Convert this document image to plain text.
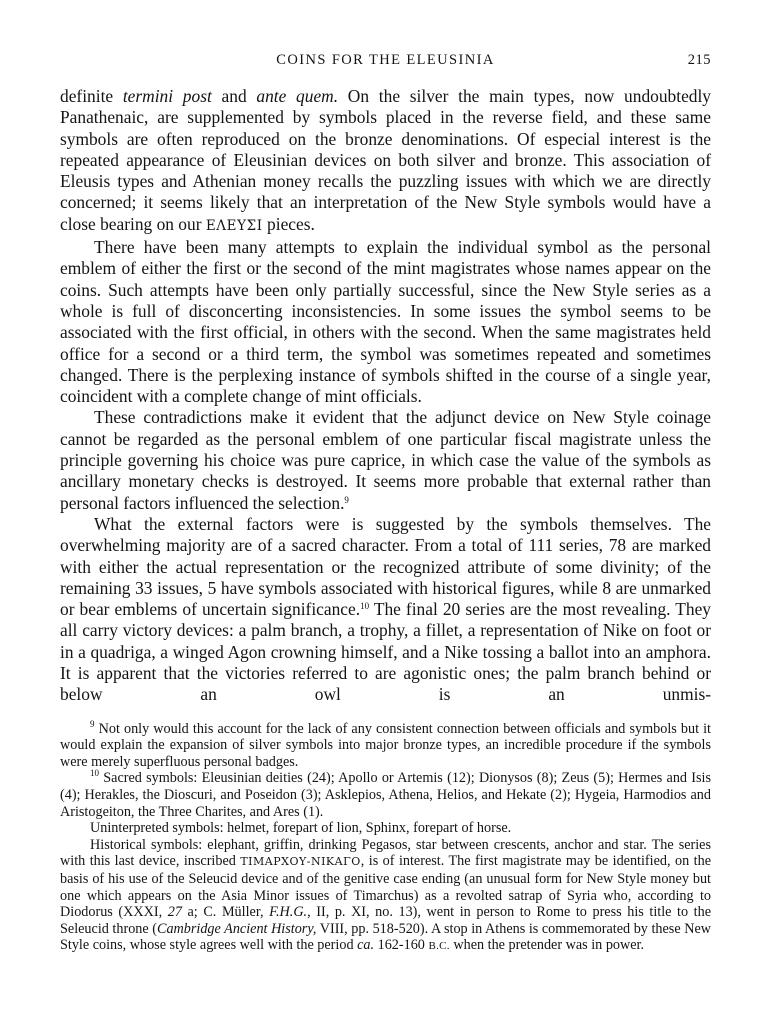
COINS FOR THE ELEUSINIA	215

definite termini post and ante quem. On the silver the main types, now undoubtedly Panathenaic, are supplemented by symbols placed in the reverse field, and these same symbols are often reproduced on the bronze denominations. Of especial interest is the repeated appearance of Eleusinian devices on both silver and bronze. This association of Eleusis types and Athenian money recalls the puzzling issues with which we are directly concerned; it seems likely that an interpretation of the New Style symbols would have a close bearing on our ΕΛΕΥΣΙ pieces.

There have been many attempts to explain the individual symbol as the personal emblem of either the first or the second of the mint magistrates whose names appear on the coins. Such attempts have been only partially successful, since the New Style series as a whole is full of disconcerting inconsistencies. In some issues the symbol seems to be associated with the first official, in others with the second. When the same magistrates held office for a second or a third term, the symbol was sometimes repeated and sometimes changed. There is the perplexing instance of symbols shifted in the course of a single year, coincident with a complete change of mint officials.

These contradictions make it evident that the adjunct device on New Style coinage cannot be regarded as the personal emblem of one particular fiscal magistrate unless the principle governing his choice was pure caprice, in which case the value of the symbols as ancillary monetary checks is destroyed. It seems more probable that external rather than personal factors influenced the selection.$^9$

What the external factors were is suggested by the symbols themselves. The overwhelming majority are of a sacred character. From a total of 111 series, 78 are marked with either the actual representation or the recognized attribute of some divinity; of the remaining 33 issues, 5 have symbols associated with historical figures, while 8 are unmarked or bear emblems of uncertain significance.$^{10}$ The final 20 series are the most revealing. They all carry victory devices: a palm branch, a trophy, a fillet, a representation of Nike on foot or in a quadriga, a winged Agon crowning himself, and a Nike tossing a ballot into an amphora. It is apparent that the victories referred to are agonistic ones; the palm branch behind or below an owl is an unmis-

$^9$ Not only would this account for the lack of any consistent connection between officials and symbols but it would explain the expansion of silver symbols into major bronze types, an incredible procedure if the symbols were merely superfluous personal badges.

$^{10}$ Sacred symbols: Eleusinian deities (24); Apollo or Artemis (12); Dionysos (8); Zeus (5); Hermes and Isis (4); Herakles, the Dioscuri, and Poseidon (3); Asklepios, Athena, Helios, and Hekate (2); Hygeia, Harmodios and Aristogeiton, the Three Charites, and Ares (1).

Uninterpreted symbols: helmet, forepart of lion, Sphinx, forepart of horse.

Historical symbols: elephant, griffin, drinking Pegasos, star between crescents, anchor and star. The series with this last device, inscribed ΤΙΜΑΡΧΟΥ-ΝΙΚΑΓΟ, is of interest. The first magistrate may be identified, on the basis of his use of the Seleucid device and of the genitive case ending (an unusual form for New Style money but one which appears on the Asia Minor issues of Timarchus) as a revolted satrap of Syria who, according to Diodorus (XXXI, 27 a; C. Müller, F.H.G., II, p. XI, no. 13), went in person to Rome to press his title to the Seleucid throne (Cambridge Ancient History, VIII, pp. 518-520). A stop in Athens is commemorated by these New Style coins, whose style agrees well with the period ca. 162-160 B.C. when the pretender was in power.
